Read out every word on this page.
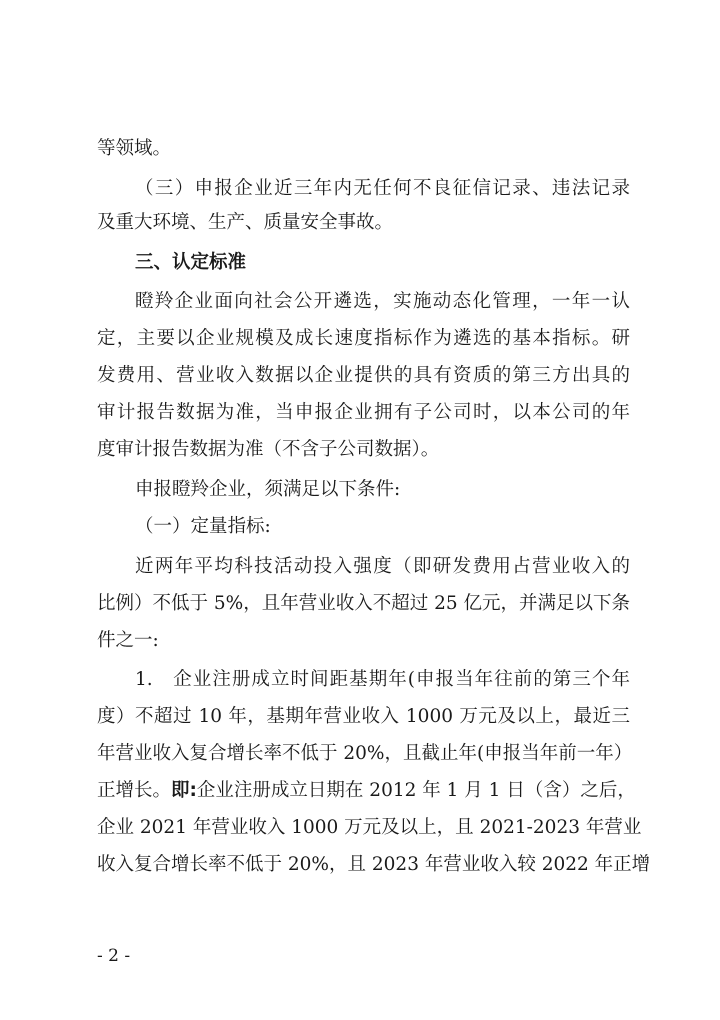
等领域。
（三）申报企业近三年内无任何不良征信记录、违法记录
及重大环境、生产、质量安全事故。
三、认定标准
瞪羚企业面向社会公开遴选，实施动态化管理，一年一认
定，主要以企业规模及成长速度指标作为遴选的基本指标。研
发费用、营业收入数据以企业提供的具有资质的第三方出具的
审计报告数据为准，当申报企业拥有子公司时，以本公司的年
度审计报告数据为准（不含子公司数据）。
申报瞪羚企业，须满足以下条件:
（一）定量指标:
近两年平均科技活动投入强度（即研发费用占营业收入的
比例）不低于 5%，且年营业收入不超过 25 亿元，并满足以下条
件之一:
1.　企业注册成立时间距基期年(申报当年往前的第三个年
度）不超过 10 年，基期年营业收入 1000 万元及以上，最近三
年营业收入复合增长率不低于 20%，且截止年(申报当年前一年）
正增长。即:企业注册成立日期在 2012 年 1 月 1 日（含）之后，
企业 2021 年营业收入 1000 万元及以上，且 2021-2023 年营业
收入复合增长率不低于 20%，且 2023 年营业收入较 2022 年正增
- 2 -
